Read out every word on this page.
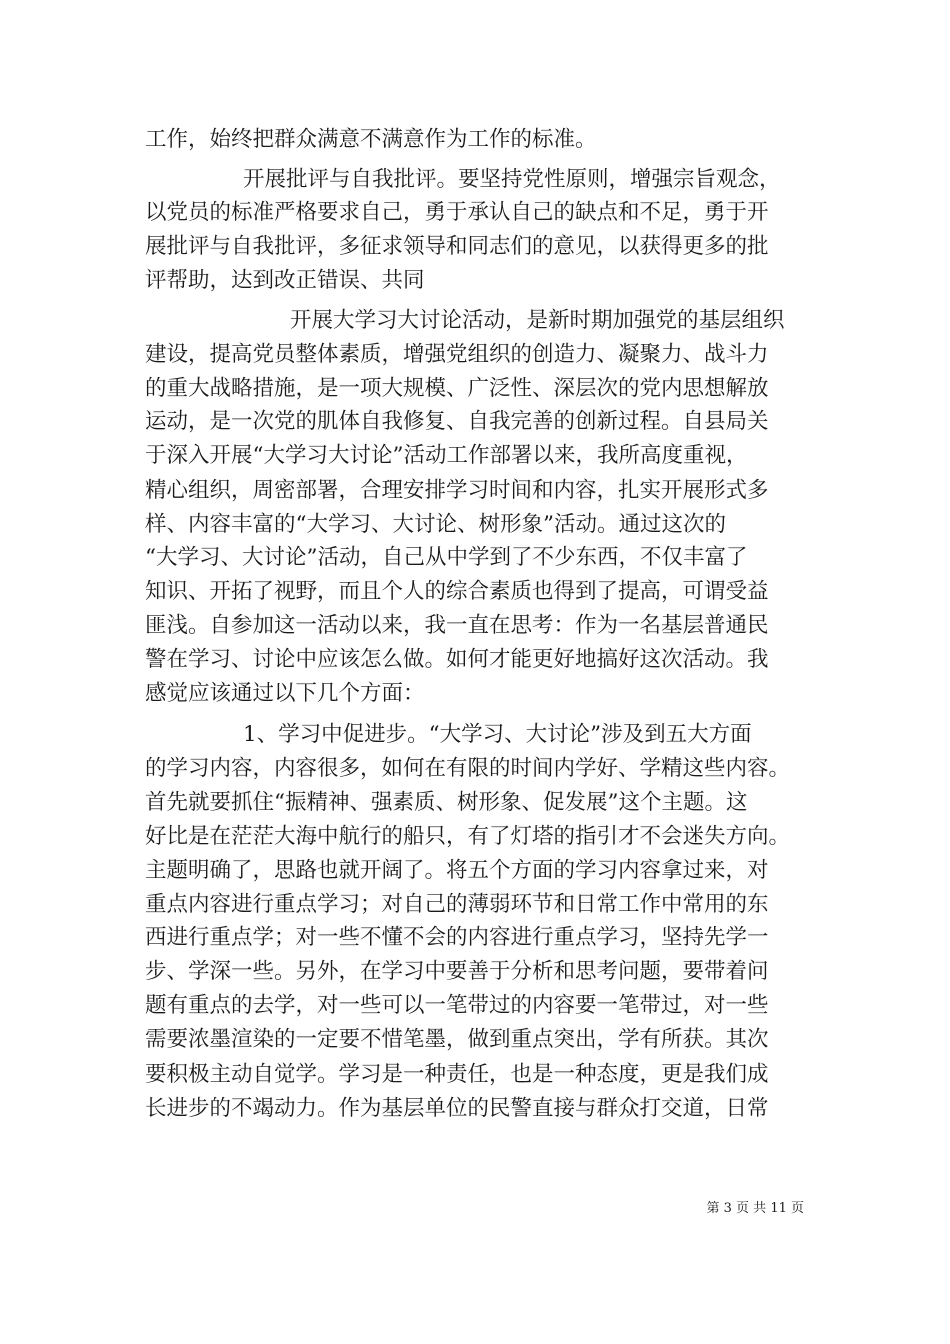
工作，始终把群众满意不满意作为工作的标准。
开展批评与自我批评。要坚持党性原则，增强宗旨观念，
以党员的标准严格要求自己，勇于承认自己的缺点和不足，勇于开
展批评与自我批评，多征求领导和同志们的意见，以获得更多的批
评帮助，达到改正错误、共同
开展大学习大讨论活动，是新时期加强党的基层组织
建设，提高党员整体素质，增强党组织的创造力、凝聚力、战斗力
的重大战略措施，是一项大规模、广泛性、深层次的党内思想解放
运动，是一次党的肌体自我修复、自我完善的创新过程。自县局关
于深入开展“大学习大讨论”活动工作部署以来，我所高度重视，
精心组织，周密部署，合理安排学习时间和内容，扎实开展形式多
样、内容丰富的“大学习、大讨论、树形象”活动。通过这次的
“大学习、大讨论”活动，自己从中学到了不少东西，不仅丰富了
知识、开拓了视野，而且个人的综合素质也得到了提高，可谓受益
匪浅。自参加这一活动以来，我一直在思考：作为一名基层普通民
警在学习、讨论中应该怎么做。如何才能更好地搞好这次活动。我
感觉应该通过以下几个方面：
1、学习中促进步。“大学习、大讨论”涉及到五大方面
的学习内容，内容很多，如何在有限的时间内学好、学精这些内容。
首先就要抓住“振精神、强素质、树形象、促发展”这个主题。这
好比是在茫茫大海中航行的船只，有了灯塔的指引才不会迷失方向。
主题明确了，思路也就开阔了。将五个方面的学习内容拿过来，对
重点内容进行重点学习；对自己的薄弱环节和日常工作中常用的东
西进行重点学；对一些不懂不会的内容进行重点学习，坚持先学一
步、学深一些。另外，在学习中要善于分析和思考问题，要带着问
题有重点的去学，对一些可以一笔带过的内容要一笔带过，对一些
需要浓墨渲染的一定要不惜笔墨，做到重点突出，学有所获。其次
要积极主动自觉学。学习是一种责任，也是一种态度，更是我们成
长进步的不竭动力。作为基层单位的民警直接与群众打交道，日常
第 3 页 共 11 页
